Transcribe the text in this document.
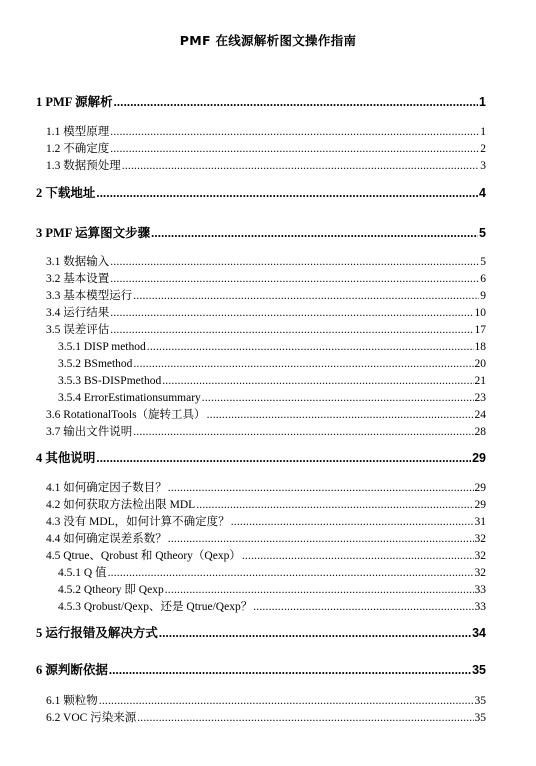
PMF 在线源解析图文操作指南
1 PMF 源解析 .....	1
1.1 模型原理 .....	1
1.2 不确定度 .....	2
1.3 数据预处理 .....	3
2 下载地址 .....	4
3 PMF 运算图文步骤 .....	5
3.1 数据输入 .....	5
3.2 基本设置 .....	6
3.3 基本模型运行 .....	9
3.4 运行结果 .....	10
3.5 误差评估 .....	17
3.5.1 DISP method .....	18
3.5.2 BSmethod .....	20
3.5.3 BS-DISPmethod .....	21
3.5.4 ErrorEstimationsummary .....	23
3.6 RotationalTools（旋转工具） .....	24
3.7 输出文件说明 .....	28
4 其他说明 .....	29
4.1 如何确定因子数目？ .....	29
4.2 如何获取方法检出限 MDL .....	29
4.3 没有 MDL，如何计算不确定度？ .....	31
4.4 如何确定误差系数？ .....	32
4.5 Qtrue、Qrobust 和 Qtheory（Qexp） .....	32
4.5.1 Q 值 .....	32
4.5.2 Qtheory 即 Qexp .....	33
4.5.3 Qrobust/Qexp、还是 Qtrue/Qexp？ .....	33
5 运行报错及解决方式 .....	34
6 源判断依据 .....	35
6.1 颗粒物 .....	35
6.2 VOC 污染来源 .....	35
